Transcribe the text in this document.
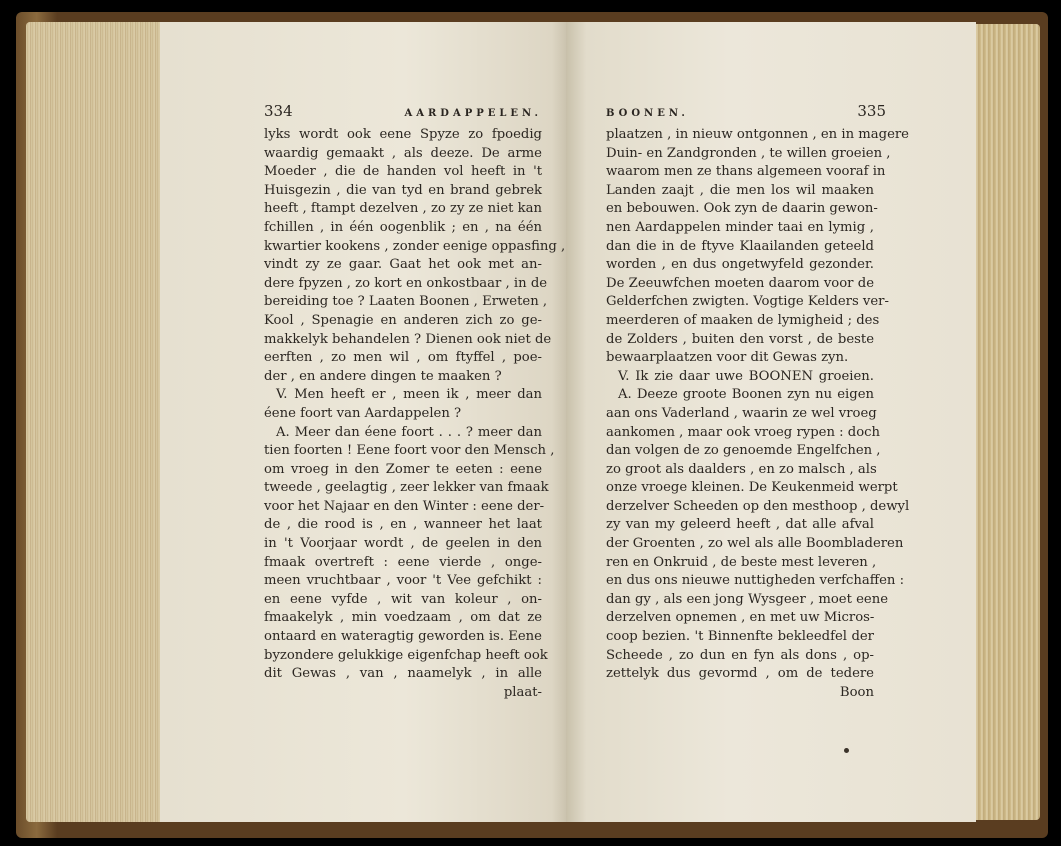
334	AARDAPPELEN.
lyks wordt ook eene Spyze zo fpoedig
waardig gemaakt , als deeze. De arme
Moeder , die de handen vol heeft in 't
Huisgezin , die van tyd en brand gebrek
heeft , ftampt dezelven , zo zy ze niet kan
fchillen , in één oogenblik ; en , na één
kwartier kookens , zonder eenige oppasfing ,
vindt zy ze gaar. Gaat het ook met an-
dere fpyzen , zo kort en onkostbaar , in de
bereiding toe ? Laaten Boonen , Erweten ,
Kool , Spenagie en anderen zich zo ge-
makkelyk behandelen ? Dienen ook niet de
eerften , zo men wil , om ftyffel , poe-
der , en andere dingen te maaken ?
V. Men heeft er , meen ik , meer dan
éene foort van Aardappelen ?
A. Meer dan éene foort . . . ? meer dan
tien foorten ! Eene foort voor den Mensch ,
om vroeg in den Zomer te eeten : eene
tweede , geelagtig , zeer lekker van fmaak
voor het Najaar en den Winter : eene der-
de , die rood is , en , wanneer het laat
in 't Voorjaar wordt , de geelen in den
fmaak overtreft : eene vierde , onge-
meen vruchtbaar , voor 't Vee gefchikt :
en eene vyfde , wit van koleur , on-
fmaakelyk , min voedzaam , om dat ze
ontaard en wateragtig geworden is. Eene
byzondere gelukkige eigenfchap heeft ook
dit Gewas , van , naamelyk , in alle
plaat-
BOONEN.	335
plaatzen , in nieuw ontgonnen , en in magere
Duin- en Zandgronden , te willen groeien ,
waarom men ze thans algemeen vooraf in
Landen zaajt , die men los wil maaken
en bebouwen. Ook zyn de daarin gewon-
nen Aardappelen minder taai en lymig ,
dan die in de ftyve Klaailanden geteeld
worden , en dus ongetwyfeld gezonder.
De Zeeuwfchen moeten daarom voor de
Gelderfchen zwigten. Vogtige Kelders ver-
meerderen of maaken de lymigheid ; des
de Zolders , buiten den vorst , de beste
bewaarplaatzen voor dit Gewas zyn.
V. Ik zie daar uwe BOONEN groeien.
A. Deeze groote Boonen zyn nu eigen
aan ons Vaderland , waarin ze wel vroeg
aankomen , maar ook vroeg rypen : doch
dan volgen de zo genoemde Engelfchen ,
zo groot als daalders , en zo malsch , als
onze vroege kleinen. De Keukenmeid werpt
derzelver Scheeden op den mesthoop , dewyl
zy van my geleerd heeft , dat alle afval
der Groenten , zo wel als alle Boombladeren
ren en Onkruid , de beste mest leveren ,
en dus ons nieuwe nuttigheden verfchaffen :
dan gy , als een jong Wysgeer , moet eene
derzelven opnemen , en met uw Micros-
coop bezien. 't Binnenfte bekleedfel der
Scheede , zo dun en fyn als dons , op-
zettelyk dus gevormd , om de tedere
Boon
